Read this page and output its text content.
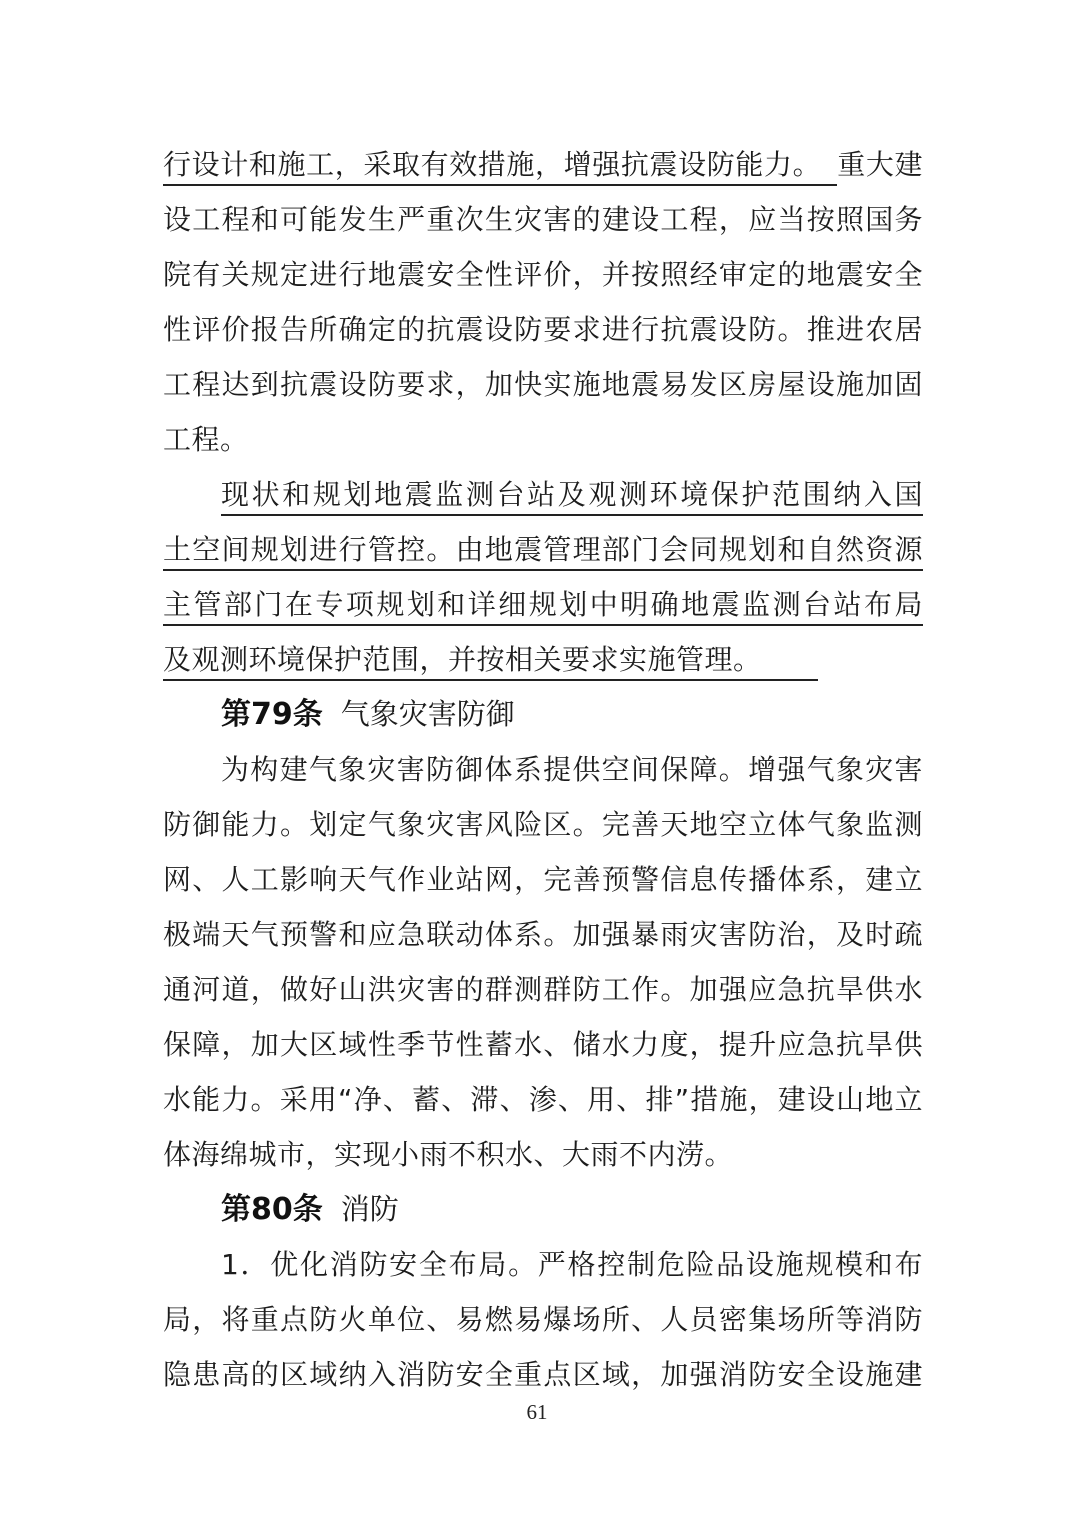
行设计和施工，采取有效措施，增强抗震设防能力。 重大建
设工程和可能发生严重次生灾害的建设工程，应当按照国务
院有关规定进行地震安全性评价，并按照经审定的地震安全
性评价报告所确定的抗震设防要求进行抗震设防。推进农居
工程达到抗震设防要求，加快实施地震易发区房屋设施加固
工程。
现状和规划地震监测台站及观测环境保护范围纳入国
土空间规划进行管控。由地震管理部门会同规划和自然资源
主管部门在专项规划和详细规划中明确地震监测台站布局
及观测环境保护范围，并按相关要求实施管理。
第79条 气象灾害防御
为构建气象灾害防御体系提供空间保障。增强气象灾害
防御能力。划定气象灾害风险区。完善天地空立体气象监测
网、人工影响天气作业站网，完善预警信息传播体系，建立
极端天气预警和应急联动体系。加强暴雨灾害防治，及时疏
通河道，做好山洪灾害的群测群防工作。加强应急抗旱供水
保障，加大区域性季节性蓄水、储水力度，提升应急抗旱供
水能力。采用“净、蓄、滞、渗、用、排”措施，建设山地立
体海绵城市，实现小雨不积水、大雨不内涝。
第80条 消防
1．优化消防安全布局。严格控制危险品设施规模和布
局，将重点防火单位、易燃易爆场所、人员密集场所等消防
隐患高的区域纳入消防安全重点区域，加强消防安全设施建
61
